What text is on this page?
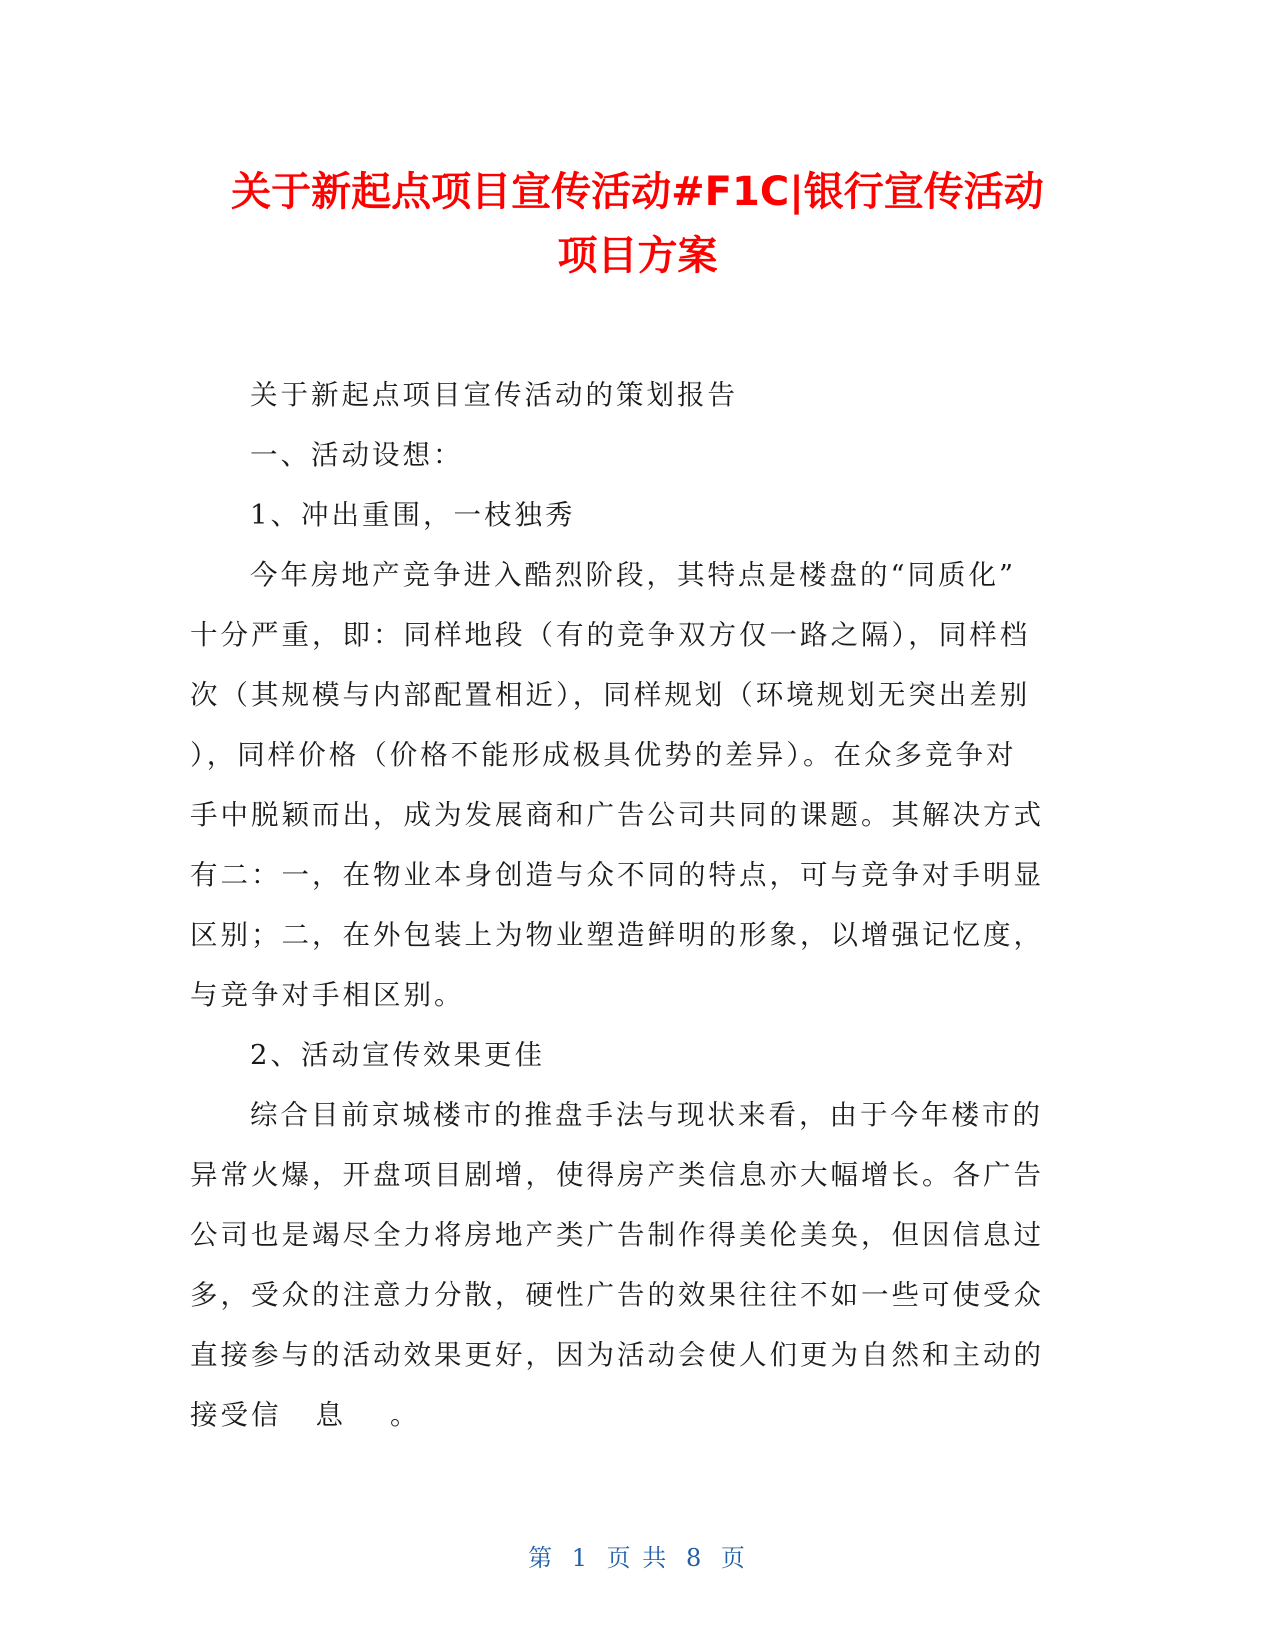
关于新起点项目宣传活动#F1C|银行宣传活动
项目方案

关于新起点项目宣传活动的策划报告

一、活动设想：

1、冲出重围，一枝独秀

今年房地产竞争进入酷烈阶段，其特点是楼盘的“同质化”
十分严重，即：同样地段（有的竞争双方仅一路之隔），同样档
次（其规模与内部配置相近），同样规划（环境规划无突出差别
），同样价格（价格不能形成极具优势的差异）。在众多竞争对
手中脱颖而出，成为发展商和广告公司共同的课题。其解决方式
有二：一，在物业本身创造与众不同的特点，可与竞争对手明显
区别；二，在外包装上为物业塑造鲜明的形象，以增强记忆度，
与竞争对手相区别。

2、活动宣传效果更佳

综合目前京城楼市的推盘手法与现状来看，由于今年楼市的
异常火爆，开盘项目剧增，使得房产类信息亦大幅增长。各广告
公司也是竭尽全力将房地产类广告制作得美伦美奂，但因信息过
多，受众的注意力分散，硬性广告的效果往往不如一些可使受众
直接参与的活动效果更好，因为活动会使人们更为自然和主动的
接受信 息 。

第 1 页 共 8 页
